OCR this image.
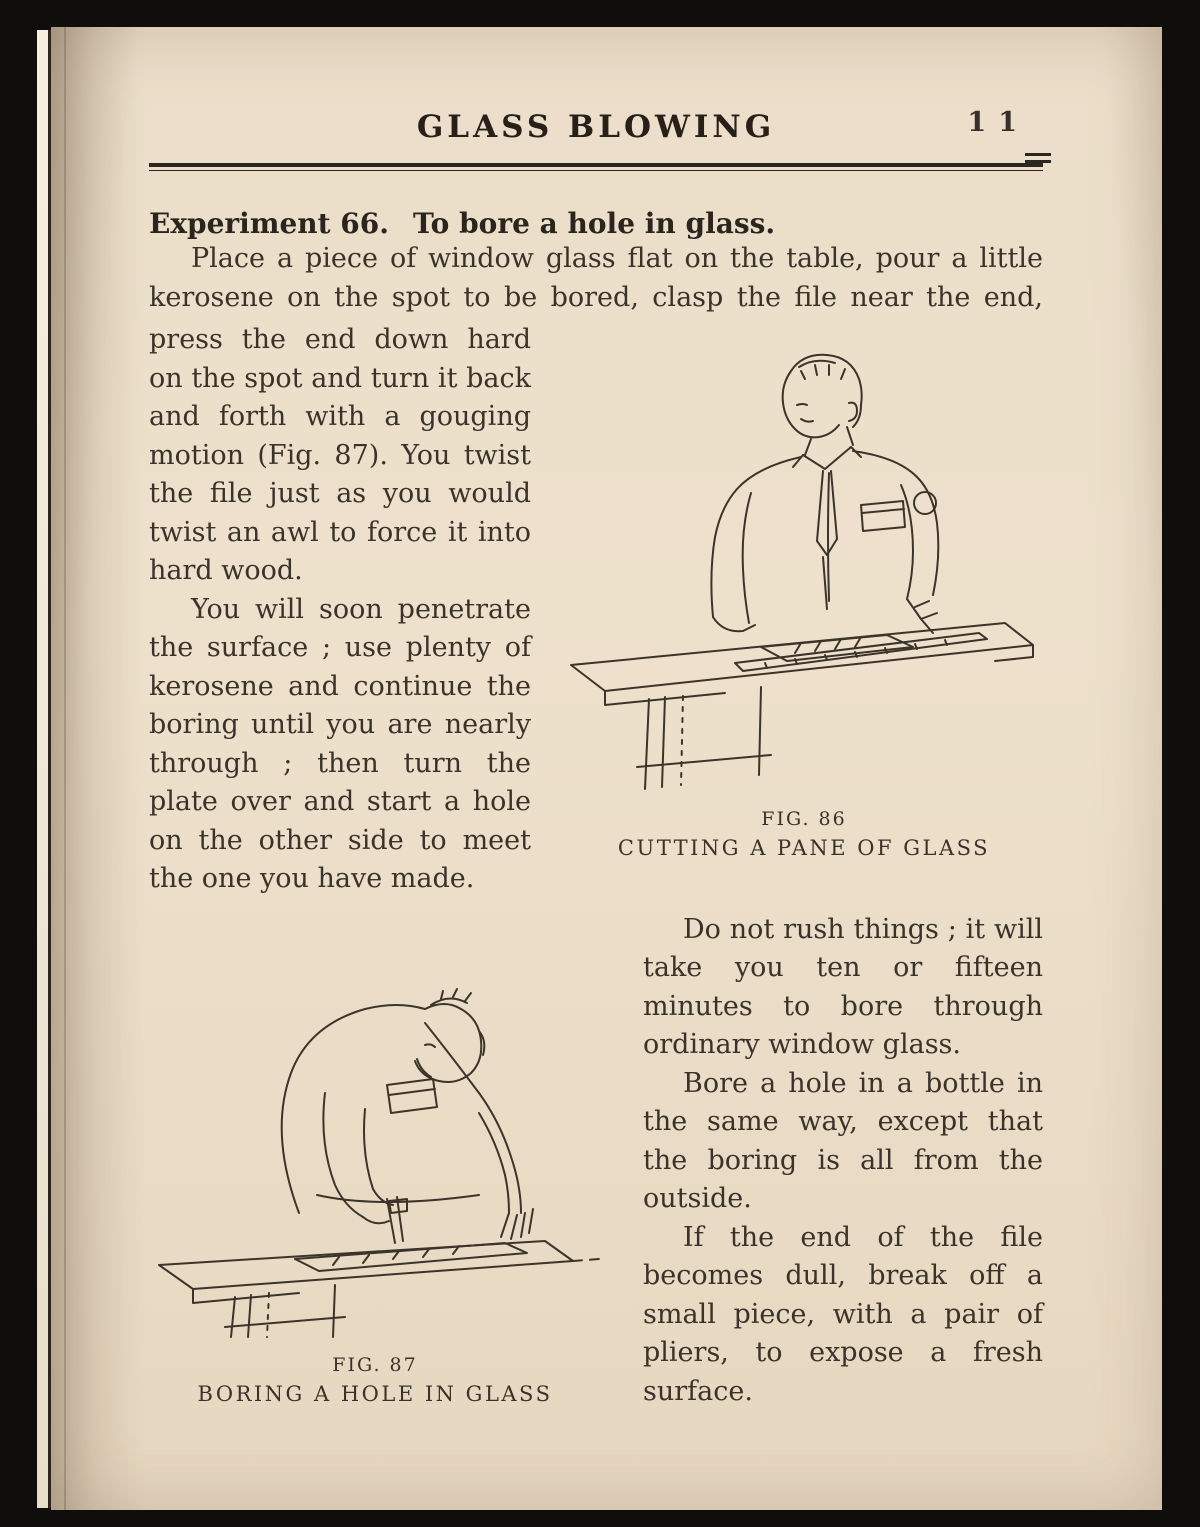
GLASS BLOWING	11
Experiment 66. To bore a hole in glass.

Place a piece of window glass flat on the table, pour a little kerosene on the spot to be bored, clasp the file near the end,

press the end down hard on the spot and turn it back and forth with a gouging motion (Fig. 87). You twist the file just as you would twist an awl to force it into hard wood.

You will soon penetrate the surface ; use plenty of kerosene and continue the boring until you are nearly through ; then turn the plate over and start a hole on the other side to meet the one you have made.

FIG. 86
CUTTING A PANE OF GLASS
FIG. 87
BORING A HOLE IN GLASS

Do not rush things ; it will take you ten or fifteen minutes to bore through ordinary window glass.

Bore a hole in a bottle in the same way, except that the boring is all from the outside.

If the end of the file becomes dull, break off a small piece, with a pair of pliers, to expose a fresh surface.
